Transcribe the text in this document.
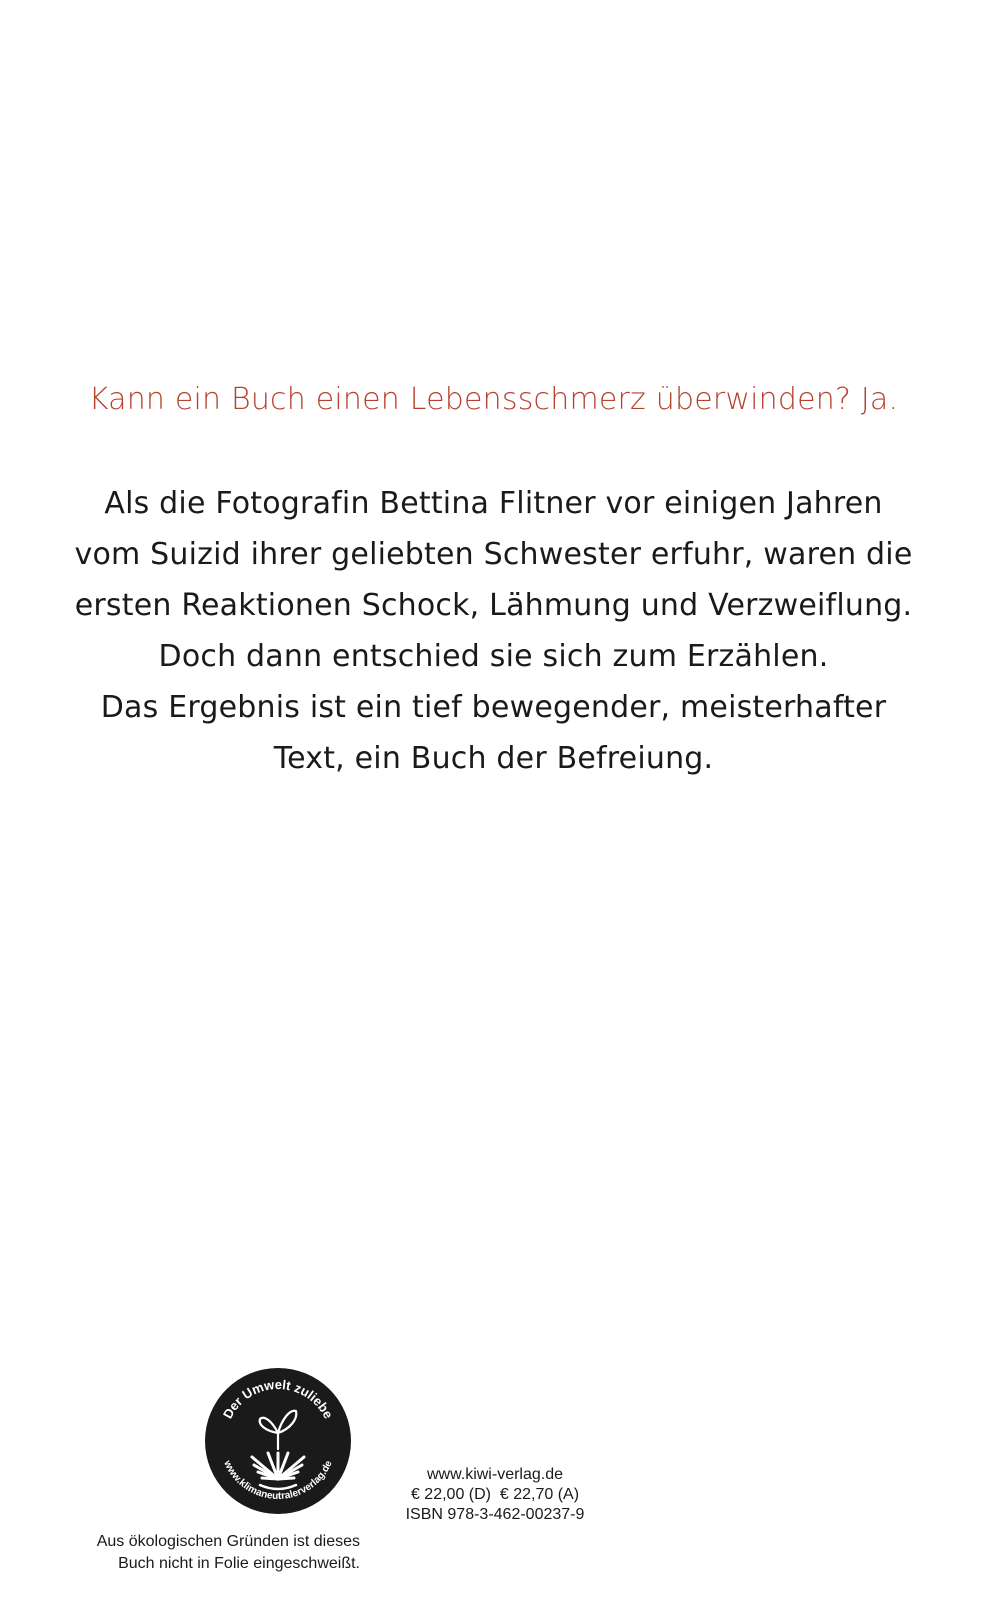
Kann ein Buch einen Lebensschmerz überwinden? Ja.
Als die Fotografin Bettina Flitner vor einigen Jahren
vom Suizid ihrer geliebten Schwester erfuhr, waren die
ersten Reaktionen Schock, Lähmung und Verzweiflung.
Doch dann entschied sie sich zum Erzählen.
Das Ergebnis ist ein tief bewegender, meisterhafter
Text, ein Buch der Befreiung.
Der Umwelt zuliebe
www.klimaneutralerverlag.de
Aus ökologischen Gründen ist dieses
Buch nicht in Folie eingeschweißt.
www.kiwi-verlag.de
€ 22,00 (D)  € 22,70 (A)
ISBN 978-3-462-00237-9
